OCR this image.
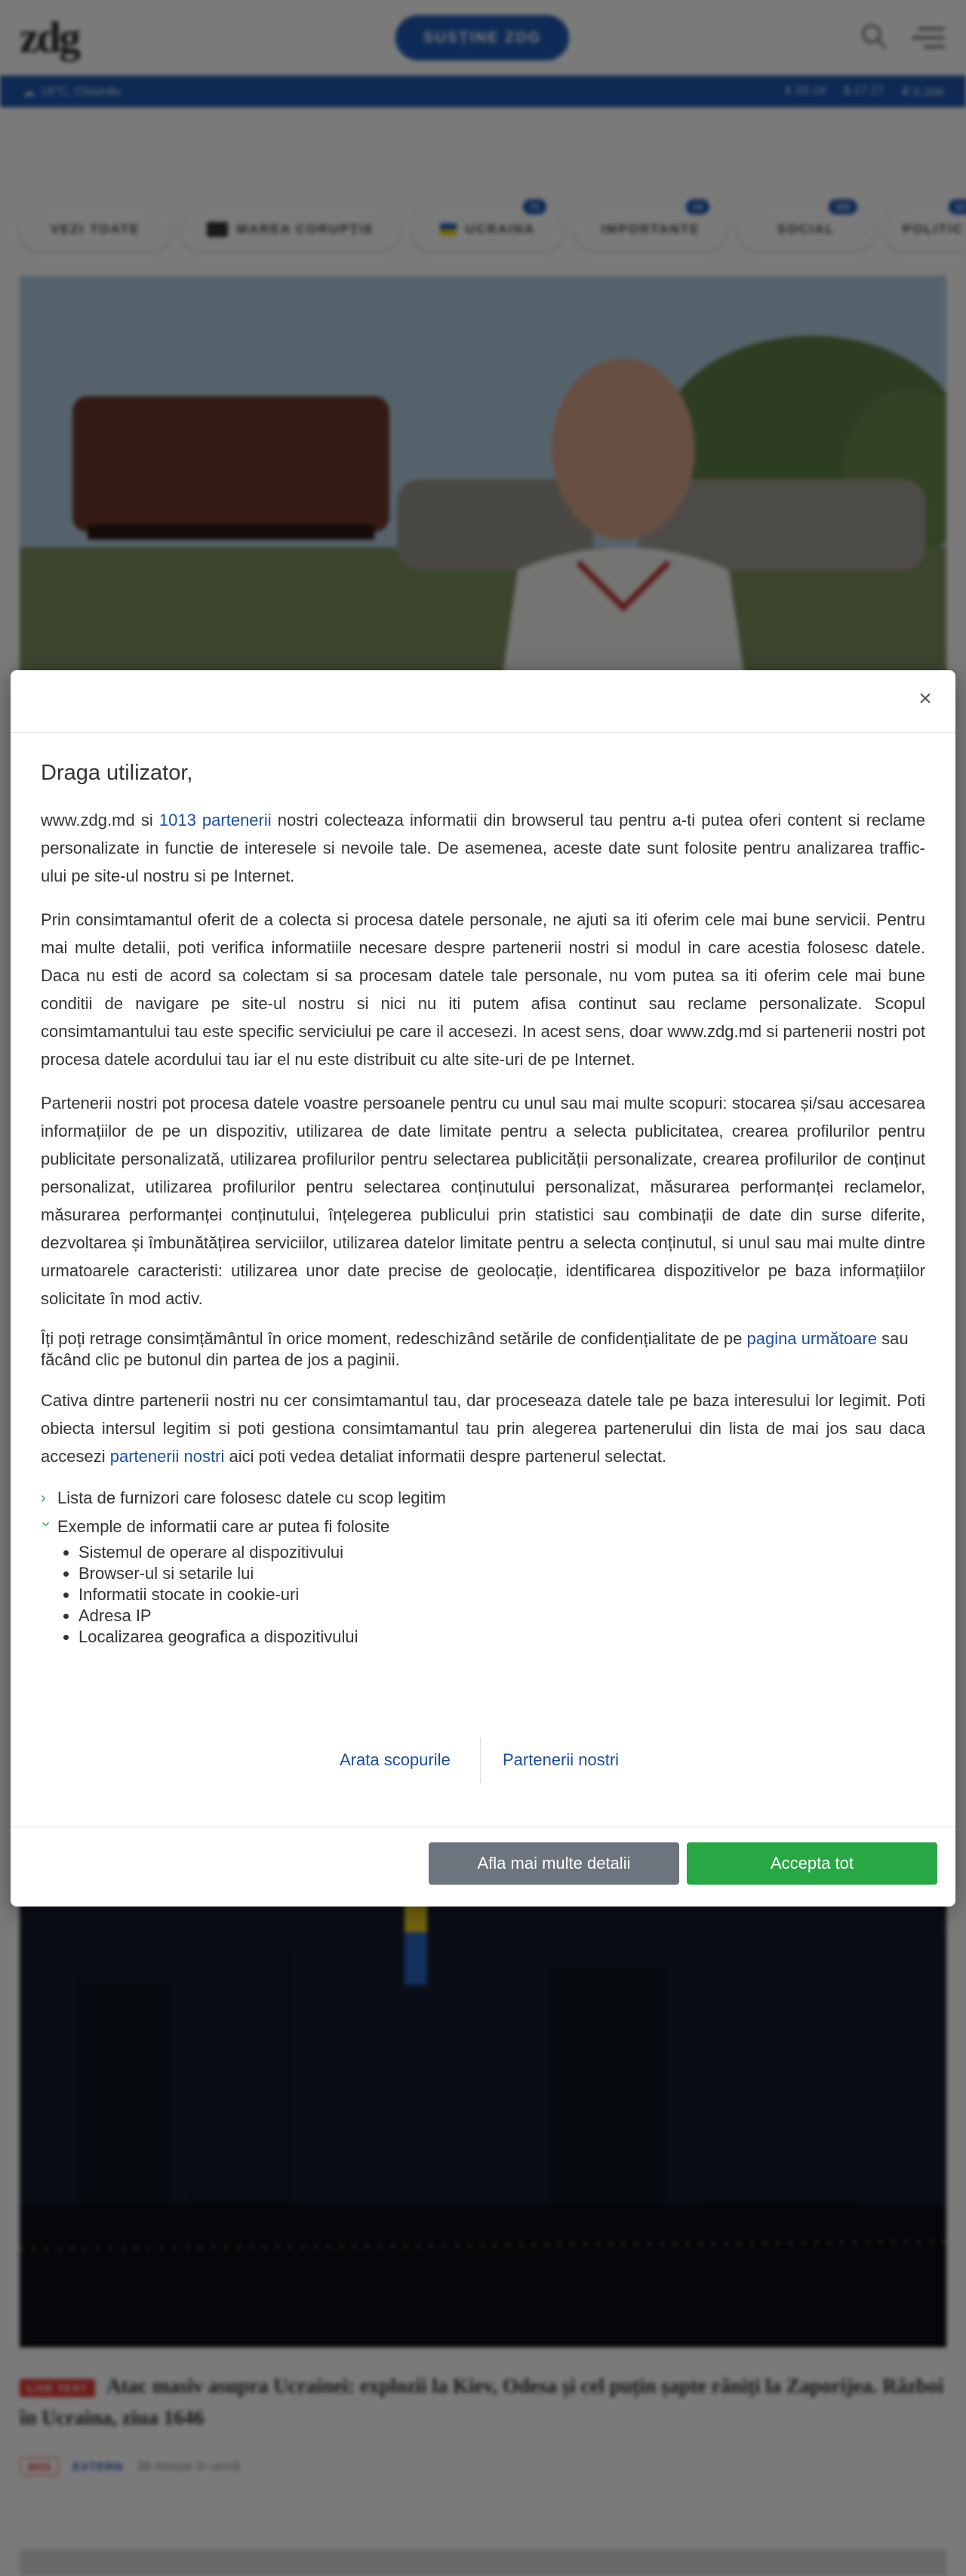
×
Draga utilizator,

www.zdg.md si 1013 partenerii nostri colecteaza informatii din browserul tau pentru a-ti putea oferi content si reclame personalizate in functie de interesele si nevoile tale. De asemenea, aceste date sunt folosite pentru analizarea traffic-ului pe site-ul nostru si pe Internet.

Prin consimtamantul oferit de a colecta si procesa datele personale, ne ajuti sa iti oferim cele mai bune servicii. Pentru mai multe detalii, poti verifica informatiile necesare despre partenerii nostri si modul in care acestia folosesc datele. Daca nu esti de acord sa colectam si sa procesam datele tale personale, nu vom putea sa iti oferim cele mai bune conditii de navigare pe site-ul nostru si nici nu iti putem afisa continut sau reclame personalizate. Scopul consimtamantului tau este specific serviciului pe care il accesezi. In acest sens, doar www.zdg.md si partenerii nostri pot procesa datele acordului tau iar el nu este distribuit cu alte site-uri de pe Internet.

Partenerii nostri pot procesa datele voastre persoanele pentru cu unul sau mai multe scopuri: stocarea și/sau accesarea informațiilor de pe un dispozitiv, utilizarea de date limitate pentru a selecta publicitatea, crearea profilurilor pentru publicitate personalizată, utilizarea profilurilor pentru selectarea publicității personalizate, crearea profilurilor de conținut personalizat, utilizarea profilurilor pentru selectarea conținutului personalizat, măsurarea performanței reclamelor, măsurarea performanței conținutului, înțelegerea publicului prin statistici sau combinații de date din surse diferite, dezvoltarea și îmbunătățirea serviciilor, utilizarea datelor limitate pentru a selecta conținutul, si unul sau mai multe dintre urmatoarele caracteristi: utilizarea unor date precise de geolocație, identificarea dispozitivelor pe baza informațiilor solicitate în mod activ.

Îți poți retrage consimțământul în orice moment, redeschizând setările de confidențialitate de pe pagina următoare sau făcând clic pe butonul din partea de jos a paginii.

Cativa dintre partenerii nostri nu cer consimtamantul tau, dar proceseaza datele tale pe baza interesului lor legimit. Poti obiecta intersul legitim si poti gestiona consimtamantul tau prin alegerea partenerului din lista de mai jos sau daca accesezi partenerii nostri aici poti vedea detaliat informatii despre partenerul selectat.

› Lista de furnizori care folosesc datele cu scop legitim
› Exemple de informatii care ar putea fi folosite
• Sistemul de operare al dispozitivului
• Browser-ul si setarile lui
• Informatii stocate in cookie-uri
• Adresa IP
• Localizarea geografica a dispozitivului
Arata scopurile	Partenerii nostri
Afla mai multe detalii	Accepta tot
